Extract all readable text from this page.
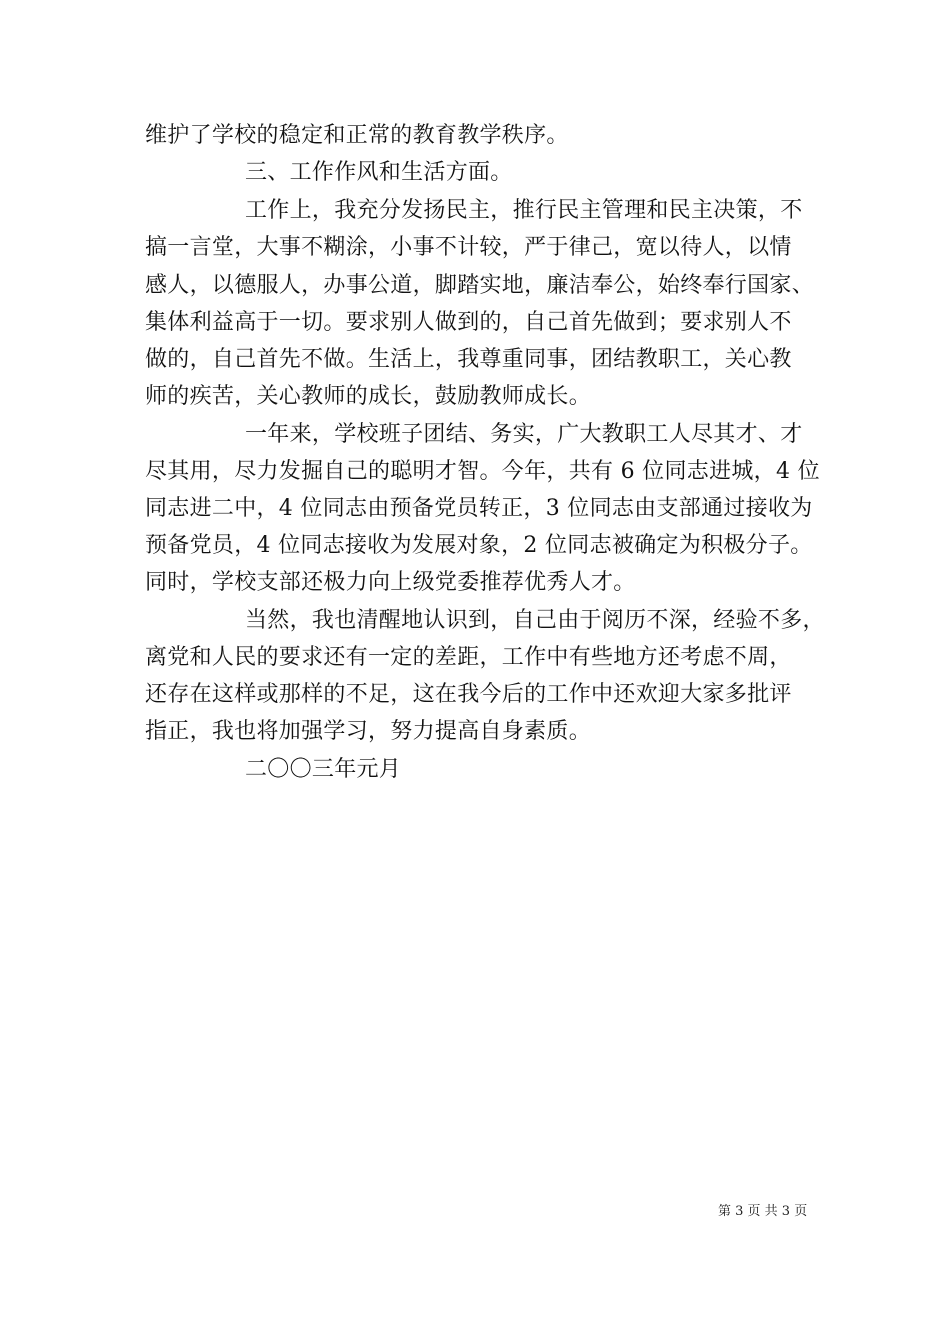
维护了学校的稳定和正常的教育教学秩序。
三、工作作风和生活方面。
工作上，我充分发扬民主，推行民主管理和民主决策，不
搞一言堂，大事不糊涂，小事不计较，严于律己，宽以待人，以情
感人，以德服人，办事公道，脚踏实地，廉洁奉公，始终奉行国家、
集体利益高于一切。要求别人做到的，自己首先做到；要求别人不
做的，自己首先不做。生活上，我尊重同事，团结教职工，关心教
师的疾苦，关心教师的成长，鼓励教师成长。
一年来，学校班子团结、务实，广大教职工人尽其才、才
尽其用，尽力发掘自己的聪明才智。今年，共有 6 位同志进城，4 位
同志进二中，4 位同志由预备党员转正，3 位同志由支部通过接收为
预备党员，4 位同志接收为发展对象，2 位同志被确定为积极分子。
同时，学校支部还极力向上级党委推荐优秀人才。
当然，我也清醒地认识到，自己由于阅历不深，经验不多，
离党和人民的要求还有一定的差距，工作中有些地方还考虑不周，
还存在这样或那样的不足，这在我今后的工作中还欢迎大家多批评
指正，我也将加强学习，努力提高自身素质。
二〇〇三年元月
第 3 页 共 3 页
